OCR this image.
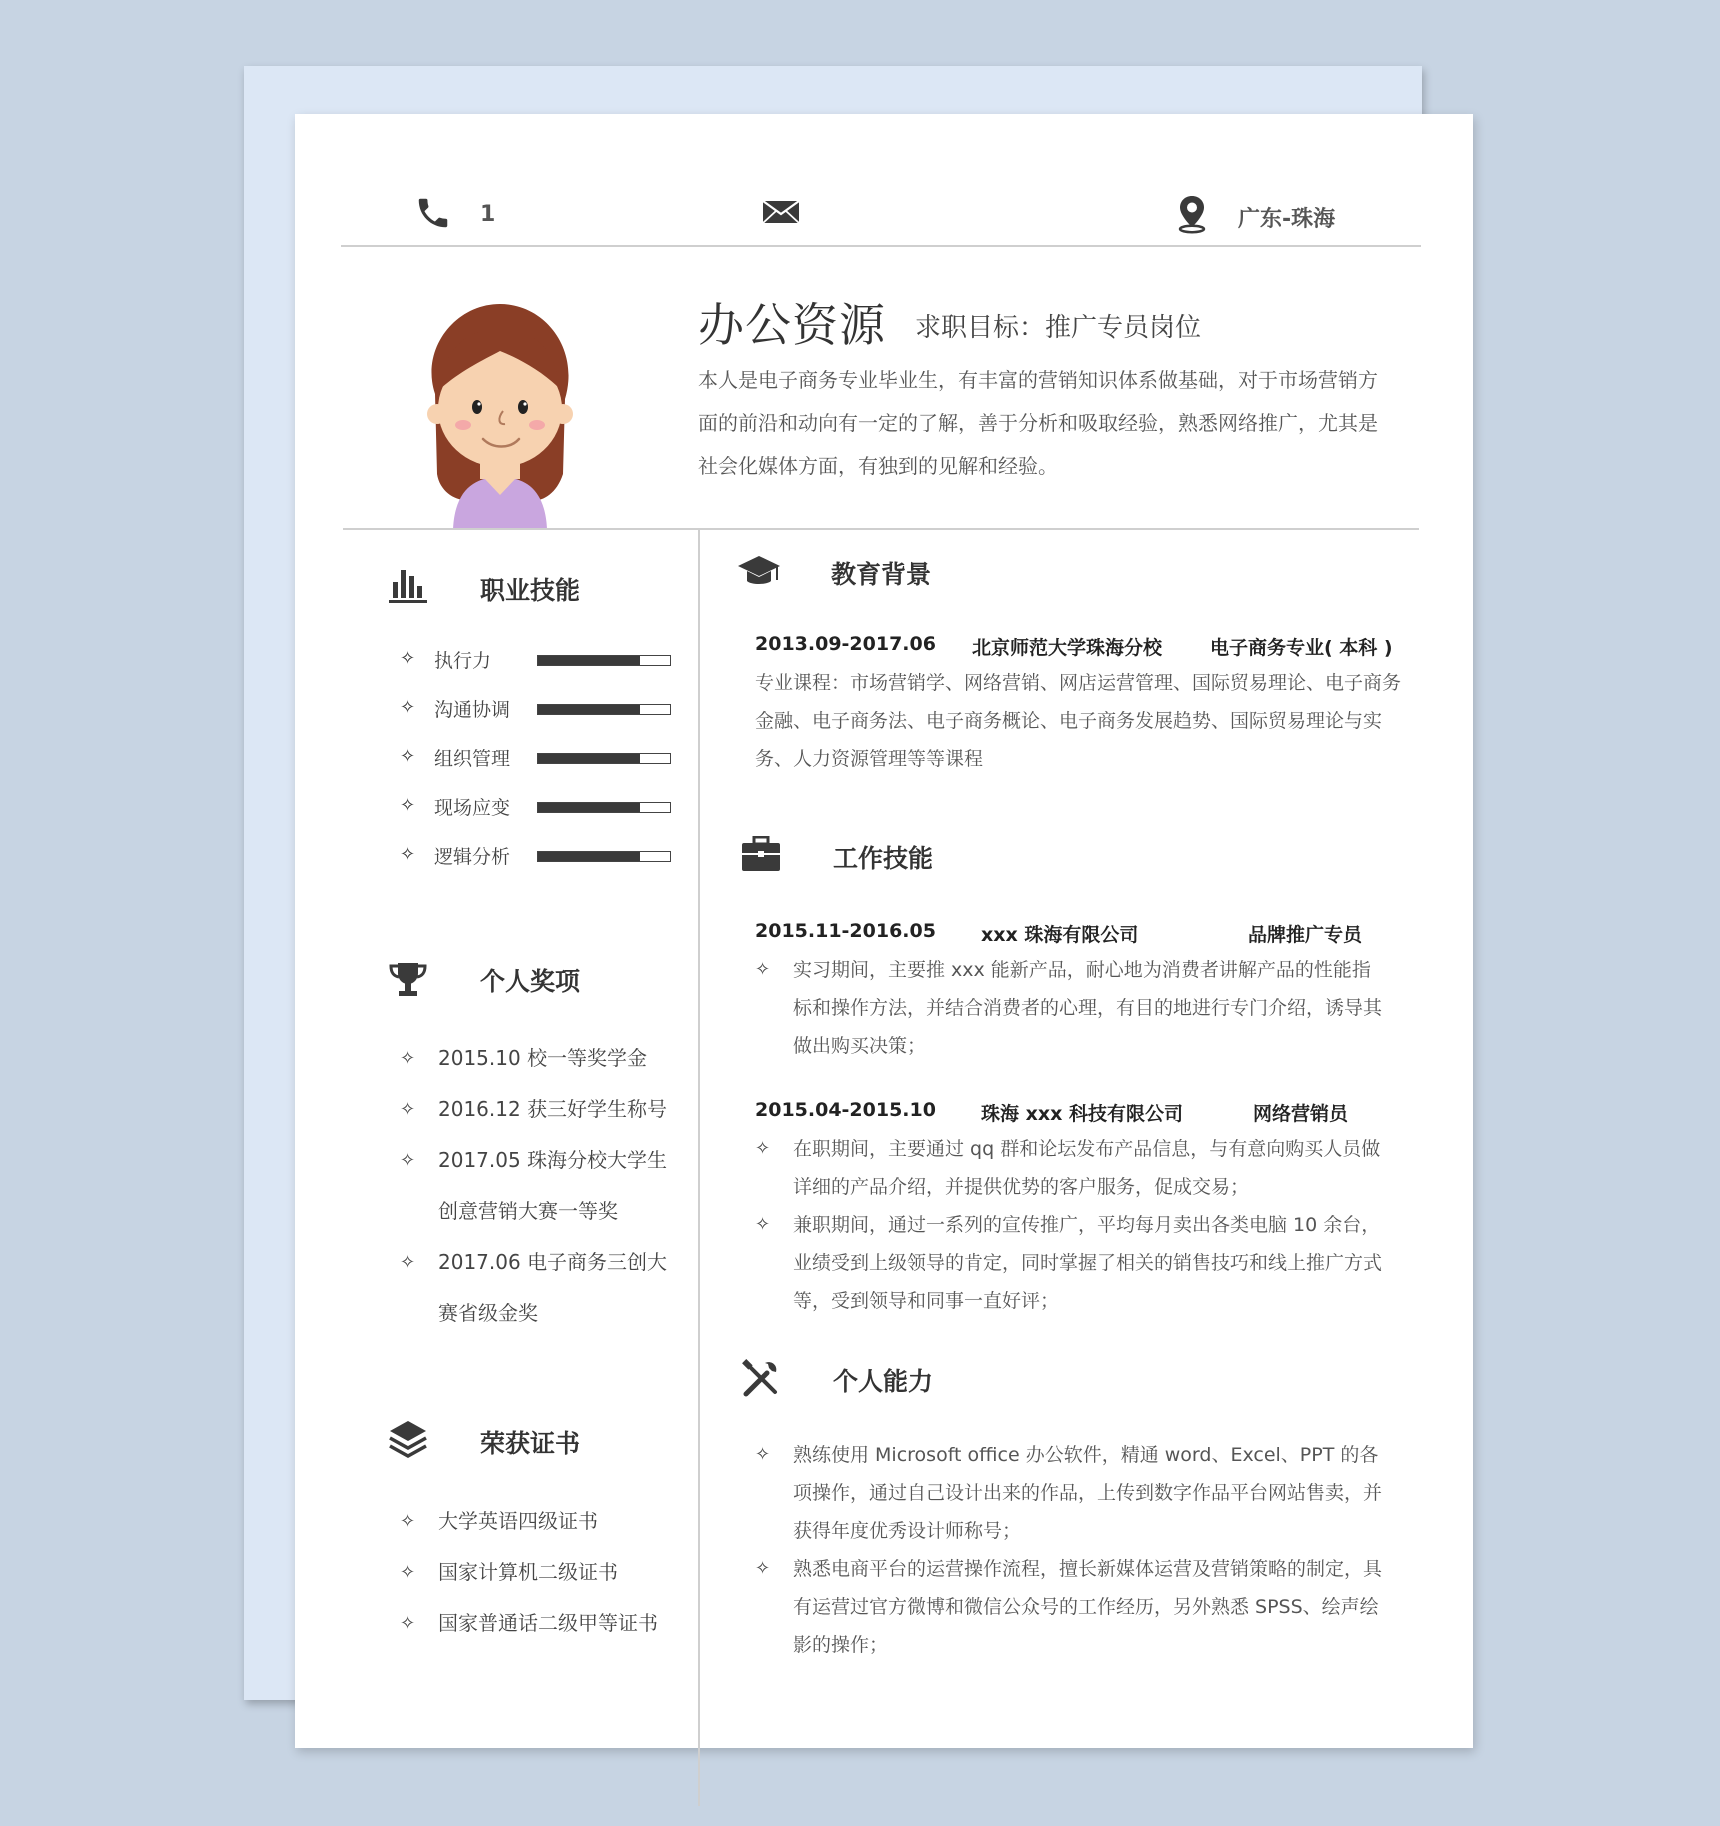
1	广东-珠海
办公资源 求职目标：推广专员岗位
本人是电子商务专业毕业生，有丰富的营销知识体系做基础，对于市场营销方面的前沿和动向有一定的了解，善于分析和吸取经验，熟悉网络推广，尤其是社会化媒体方面，有独到的见解和经验。
职业技能
✧ 执行力
✧ 沟通协调
✧ 组织管理
✧ 现场应变
✧ 逻辑分析
个人奖项
✧ 2015.10 校一等奖学金
✧ 2016.12 获三好学生称号
✧ 2017.05 珠海分校大学生
创意营销大赛一等奖
✧ 2017.06 电子商务三创大
赛省级金奖
荣获证书
✧ 大学英语四级证书
✧ 国家计算机二级证书
✧ 国家普通话二级甲等证书
教育背景
2013.09-2017.06 北京师范大学珠海分校	电子商务专业( 本科 )
专业课程：市场营销学、网络营销、网店运营管理、国际贸易理论、电子商务金融、电子商务法、电子商务概论、电子商务发展趋势、国际贸易理论与实务、人力资源管理等等课程
工作技能
2015.11-2016.05 xxx 珠海有限公司	品牌推广专员
✧ 实习期间，主要推 xxx 能新产品，耐心地为消费者讲解产品的性能指标和操作方法，并结合消费者的心理，有目的地进行专门介绍，诱导其做出购买决策；
2015.04-2015.10 珠海 xxx 科技有限公司	网络营销员
✧ 在职期间，主要通过 qq 群和论坛发布产品信息，与有意向购买人员做详细的产品介绍，并提供优势的客户服务，促成交易；
✧ 兼职期间，通过一系列的宣传推广，平均每月卖出各类电脑 10 余台，业绩受到上级领导的肯定，同时掌握了相关的销售技巧和线上推广方式等，受到领导和同事一直好评；
个人能力
✧ 熟练使用 Microsoft office 办公软件，精通 word、Excel、PPT 的各项操作，通过自己设计出来的作品，上传到数字作品平台网站售卖，并获得年度优秀设计师称号；
✧ 熟悉电商平台的运营操作流程，擅长新媒体运营及营销策略的制定，具有运营过官方微博和微信公众号的工作经历，另外熟悉 SPSS、绘声绘影的操作；
